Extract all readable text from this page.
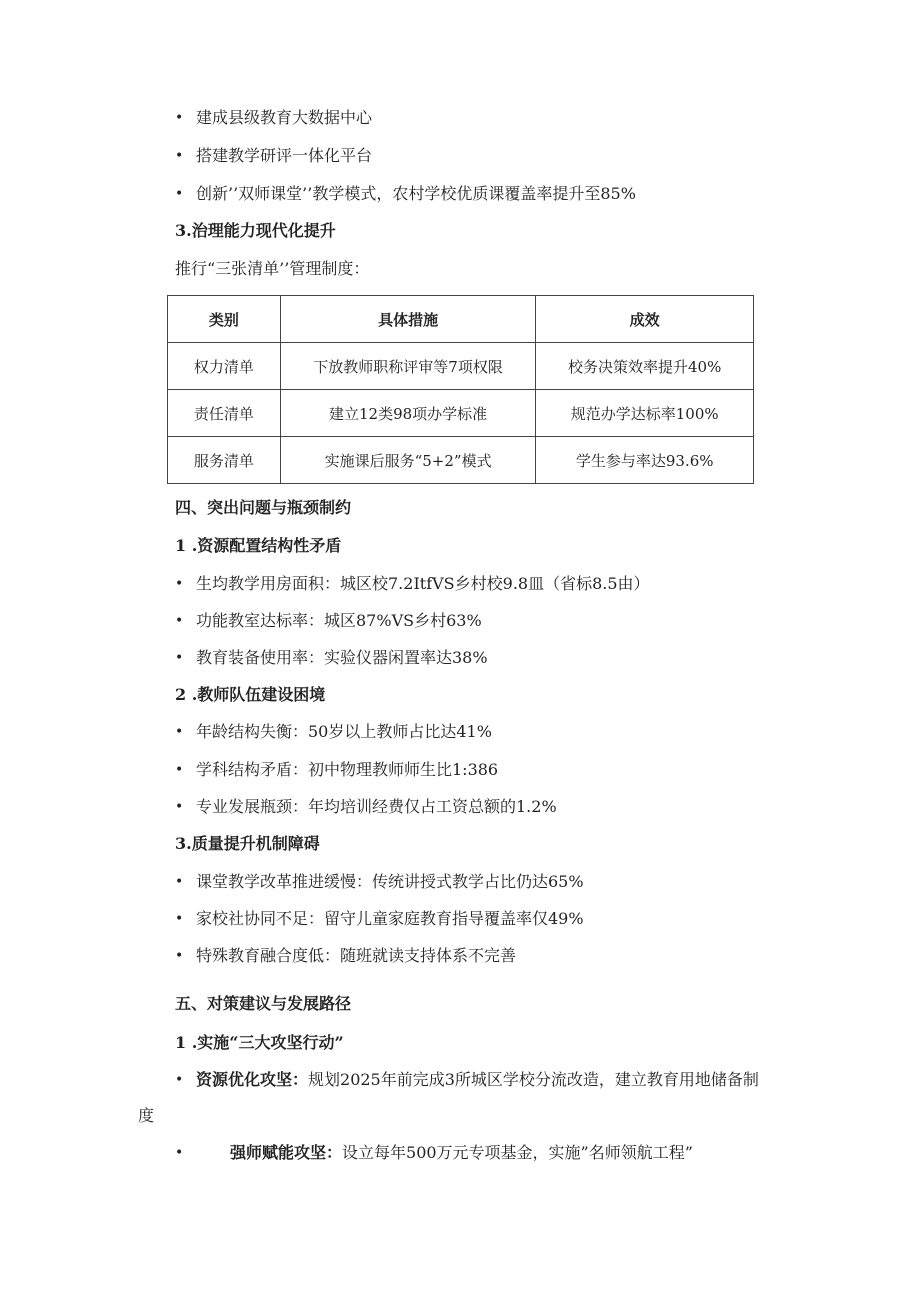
• 建成县级教育大数据中心
• 搭建教学研评一体化平台
• 创新’’双师课堂’’教学模式，农村学校优质课覆盖率提升至85%
3.治理能力现代化提升
推行“三张清单’’管理制度：
类别	具体措施	成效
权力清单	下放教师职称评审等7项权限	校务决策效率提升40%
责任清单	建立12类98项办学标准	规范办学达标率100%
服务清单	实施课后服务“5+2”模式	学生参与率达93.6%
四、突出问题与瓶颈制约
1 .资源配置结构性矛盾
• 生均教学用房面积：城区校7.2ItfVS乡村校9.8皿（省标8.5由）
• 功能教室达标率：城区87%VS乡村63%
• 教育装备使用率：实验仪器闲置率达38%
2 .教师队伍建设困境
• 年龄结构失衡：50岁以上教师占比达41%
• 学科结构矛盾：初中物理教师师生比1:386
• 专业发展瓶颈：年均培训经费仅占工资总额的1.2%
3.质量提升机制障碍
• 课堂教学改革推进缓慢：传统讲授式教学占比仍达65%
• 家校社协同不足：留守儿童家庭教育指导覆盖率仅49%
• 特殊教育融合度低：随班就读支持体系不完善
五、对策建议与发展路径
1 .实施“三大攻坚行动”
• 资源优化攻坚：规划2025年前完成3所城区学校分流改造，建立教育用地储备制
度
•	强师赋能攻坚：设立每年500万元专项基金，实施”名师领航工程”
